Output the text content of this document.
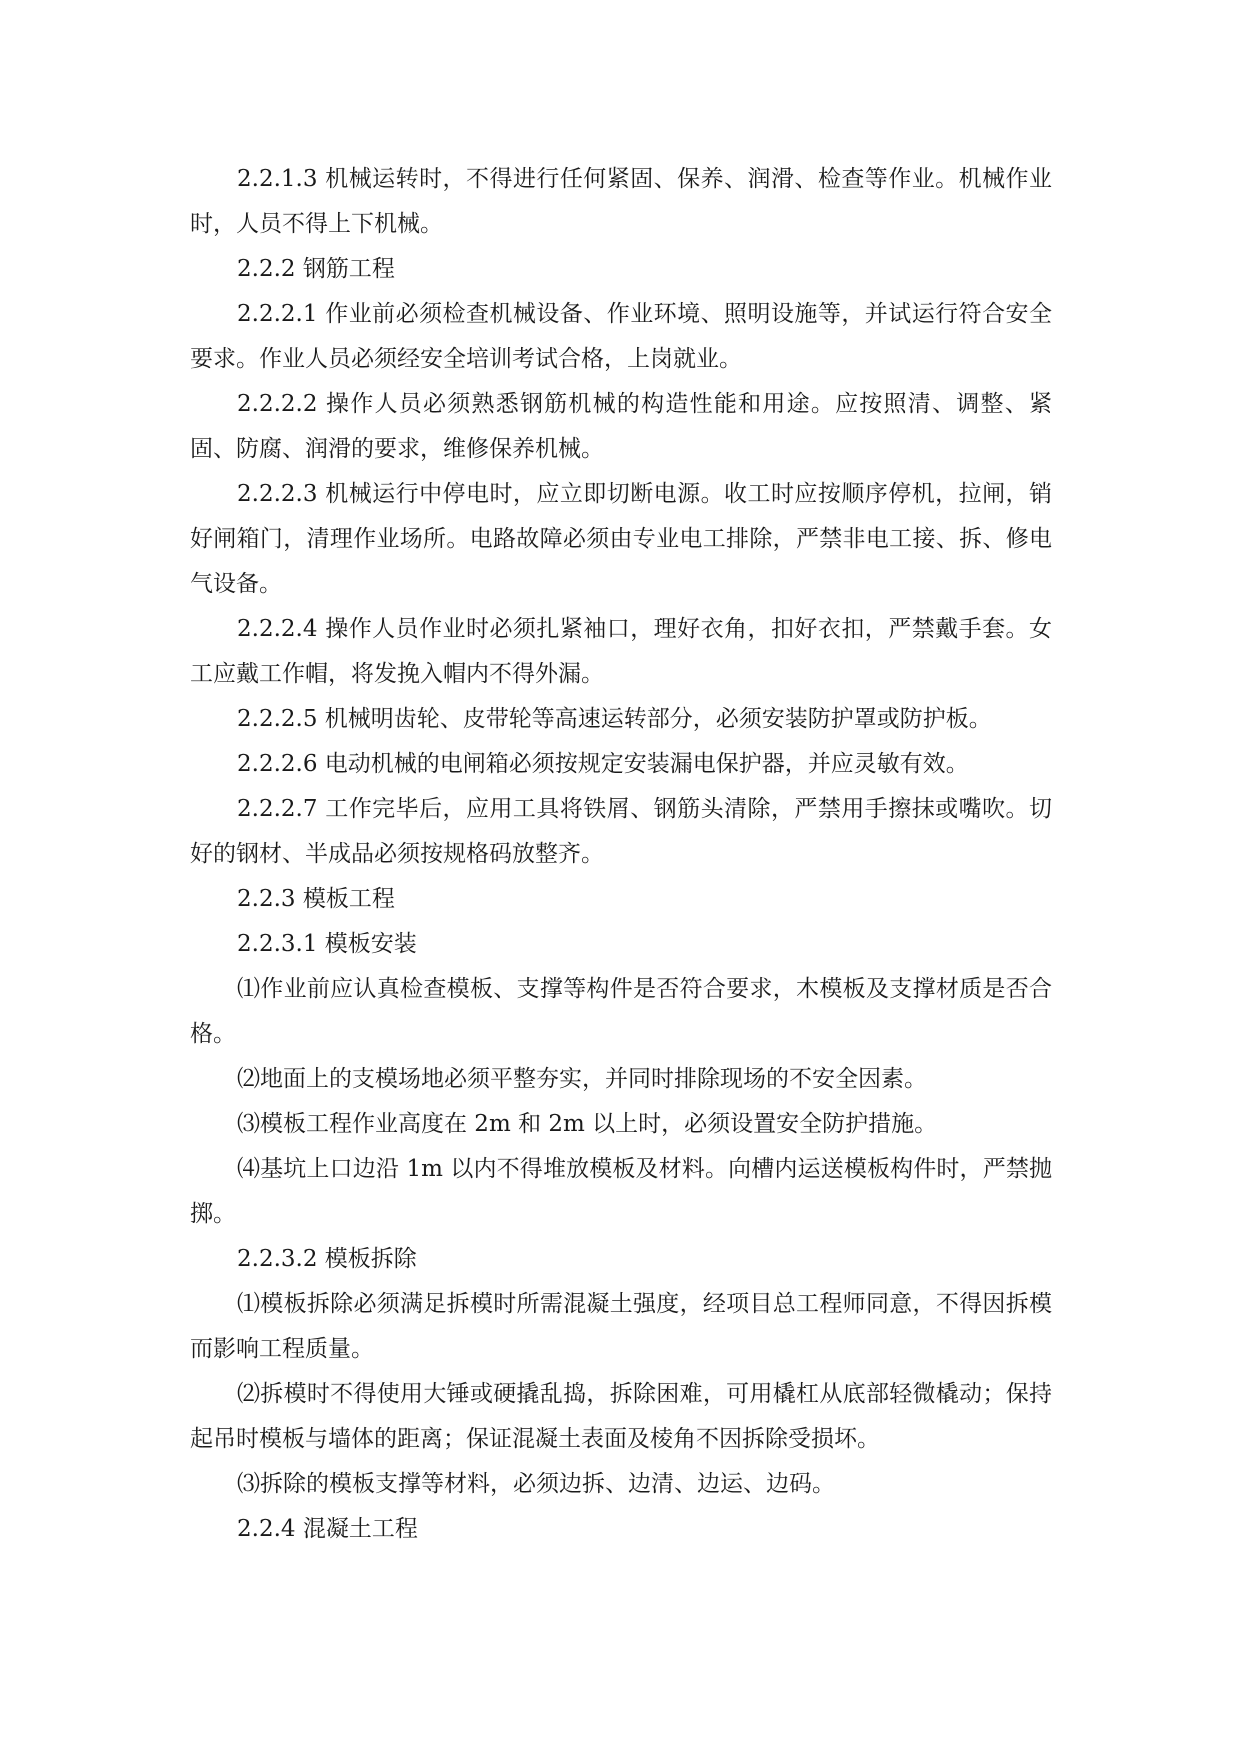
2.2.1.3 机械运转时，不得进行任何紧固、保养、润滑、检查等作业。机械作业时，人员不得上下机械。

2.2.2 钢筋工程

2.2.2.1 作业前必须检查机械设备、作业环境、照明设施等，并试运行符合安全要求。作业人员必须经安全培训考试合格，上岗就业。

2.2.2.2 操作人员必须熟悉钢筋机械的构造性能和用途。应按照清、调整、紧固、防腐、润滑的要求，维修保养机械。

2.2.2.3 机械运行中停电时，应立即切断电源。收工时应按顺序停机，拉闸，销好闸箱门，清理作业场所。电路故障必须由专业电工排除，严禁非电工接、拆、修电气设备。

2.2.2.4 操作人员作业时必须扎紧袖口，理好衣角，扣好衣扣，严禁戴手套。女工应戴工作帽，将发挽入帽内不得外漏。

2.2.2.5 机械明齿轮、皮带轮等高速运转部分，必须安装防护罩或防护板。

2.2.2.6 电动机械的电闸箱必须按规定安装漏电保护器，并应灵敏有效。

2.2.2.7 工作完毕后，应用工具将铁屑、钢筋头清除，严禁用手擦抹或嘴吹。切好的钢材、半成品必须按规格码放整齐。

2.2.3 模板工程

2.2.3.1 模板安装

⑴作业前应认真检查模板、支撑等构件是否符合要求，木模板及支撑材质是否合格。

⑵地面上的支模场地必须平整夯实，并同时排除现场的不安全因素。

⑶模板工程作业高度在 2m 和 2m 以上时，必须设置安全防护措施。

⑷基坑上口边沿 1m 以内不得堆放模板及材料。向槽内运送模板构件时，严禁抛掷。

2.2.3.2 模板拆除

⑴模板拆除必须满足拆模时所需混凝土强度，经项目总工程师同意，不得因拆模而影响工程质量。

⑵拆模时不得使用大锤或硬撬乱捣，拆除困难，可用橇杠从底部轻微橇动；保持起吊时模板与墙体的距离；保证混凝土表面及棱角不因拆除受损坏。

⑶拆除的模板支撑等材料，必须边拆、边清、边运、边码。

2.2.4 混凝土工程
